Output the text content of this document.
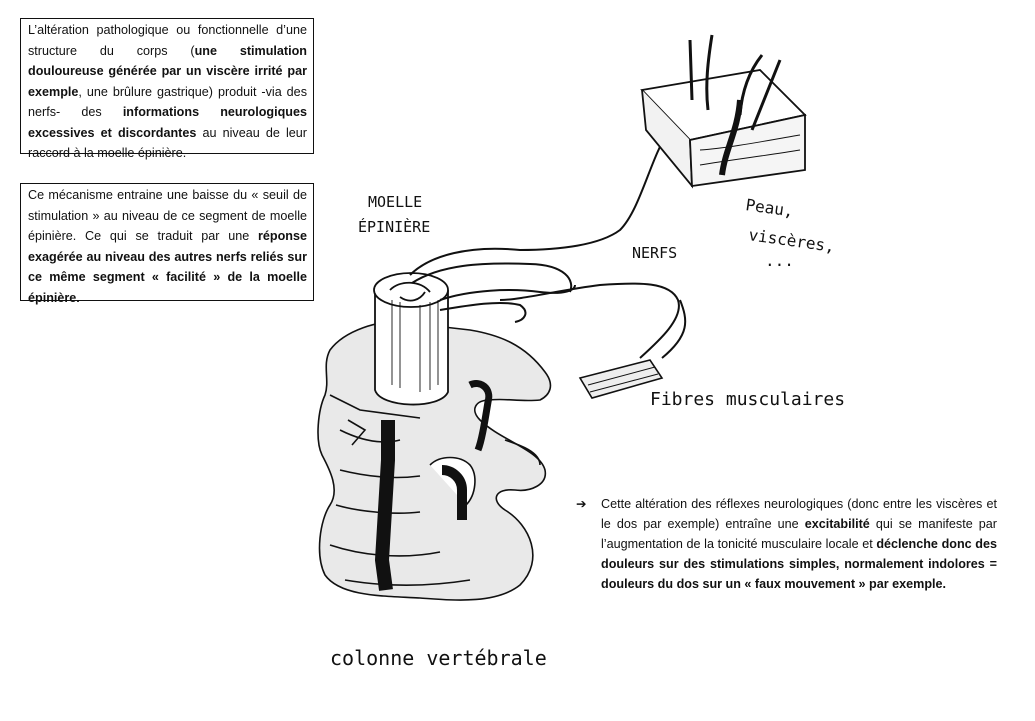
MOELLE
ÉPINIÈRE
NERFS
Peau,
viscères,
...
Fibres musculaires
colonne vertébrale
L’altération pathologique ou fonctionnelle d’une structure du corps (une stimulation douloureuse générée par un viscère irrité par exemple, une brûlure gastrique) produit -via des nerfs- des informations neurologiques excessives et discordantes au niveau de leur raccord à la moelle épinière.
Ce mécanisme entraine une baisse du « seuil de stimulation » au niveau de ce segment de moelle épinière. Ce qui se traduit par une réponse exagérée au niveau des autres nerfs reliés sur ce même segment « facilité » de la moelle épinière.
➔ Cette altération des réflexes neurologiques (donc entre les viscères et le dos par exemple) entraîne une excitabilité qui se manifeste par l’augmentation de la tonicité musculaire locale et déclenche donc des douleurs sur des stimulations simples, normalement indolores = douleurs du dos sur un « faux mouvement » par exemple.
